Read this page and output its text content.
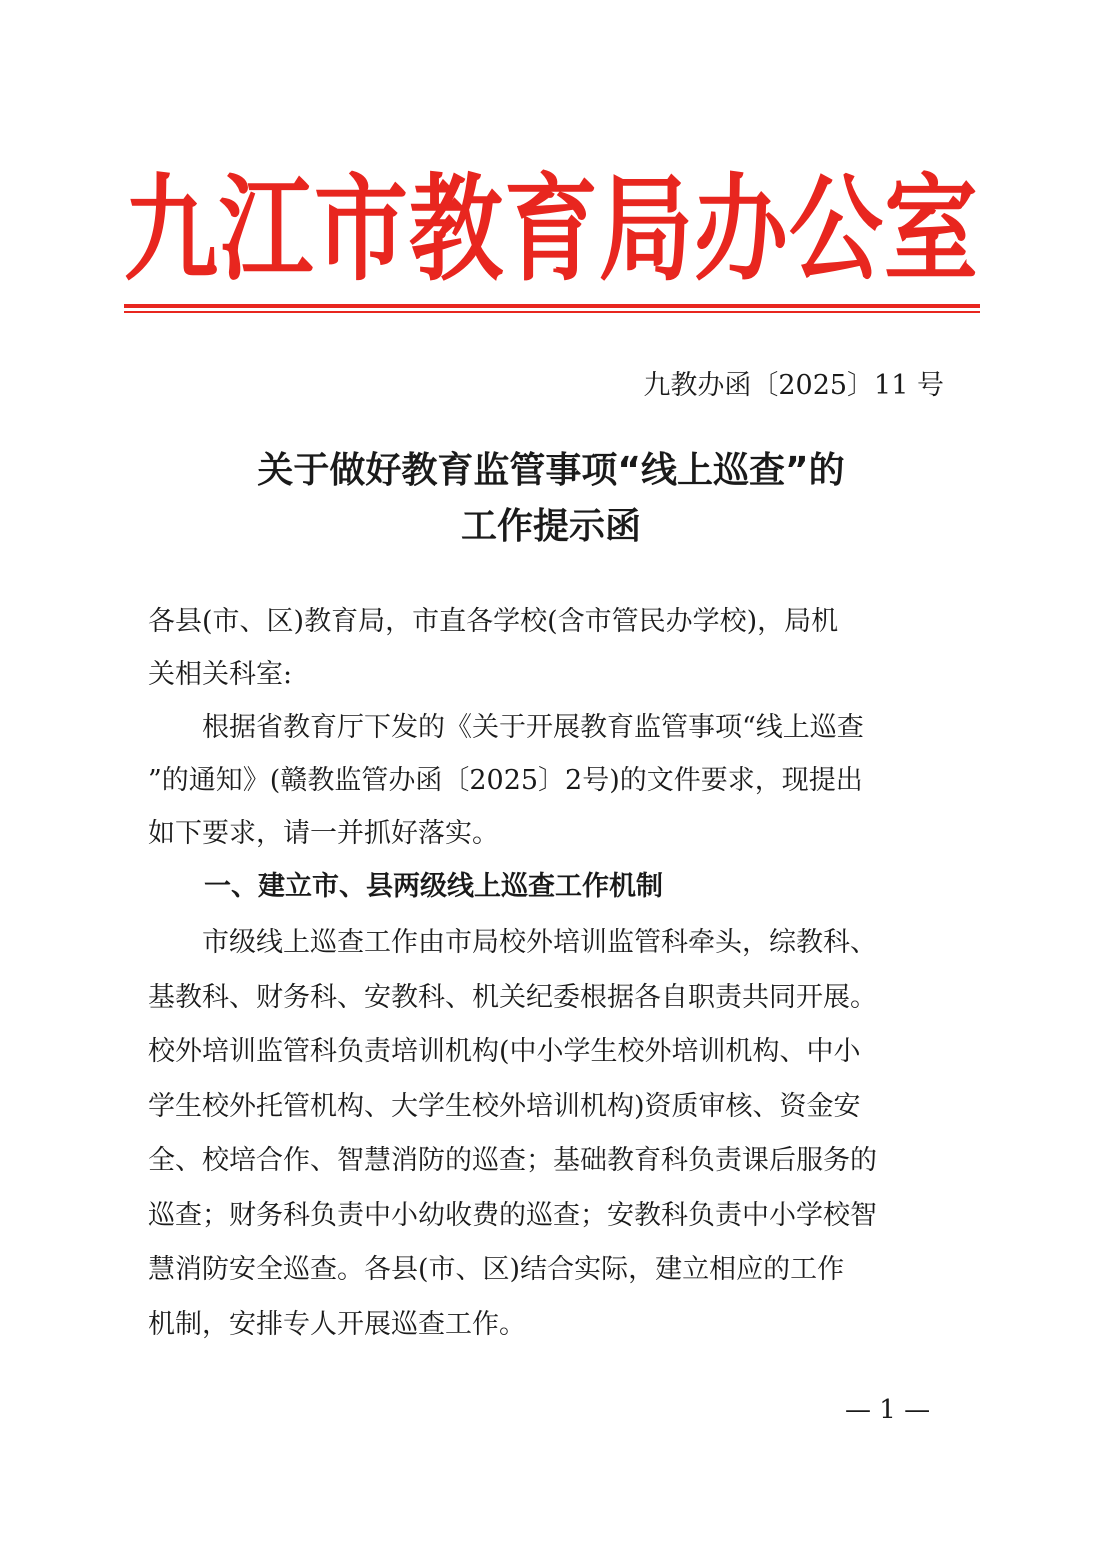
九 江 市 教 育 局 办 公 室
九教办函〔2025〕11 号
关于做好教育监管事项“线上巡查”的
工作提示函
各县(市、区)教育局，市直各学校(含市管民办学校)，局机
关相关科室:
　　根据省教育厅下发的《关于开展教育监管事项“线上巡查
”的通知》(赣教监管办函〔2025〕2号)的文件要求，现提出
如下要求，请一并抓好落实。
一、建立市、县两级线上巡查工作机制
　　市级线上巡查工作由市局校外培训监管科牵头，综教科、
基教科、财务科、安教科、机关纪委根据各自职责共同开展。
校外培训监管科负责培训机构(中小学生校外培训机构、中小
学生校外托管机构、大学生校外培训机构)资质审核、资金安
全、校培合作、智慧消防的巡查；基础教育科负责课后服务的
巡查；财务科负责中小幼收费的巡查；安教科负责中小学校智
慧消防安全巡查。各县(市、区)结合实际，建立相应的工作
机制，安排专人开展巡查工作。
— 1 —
